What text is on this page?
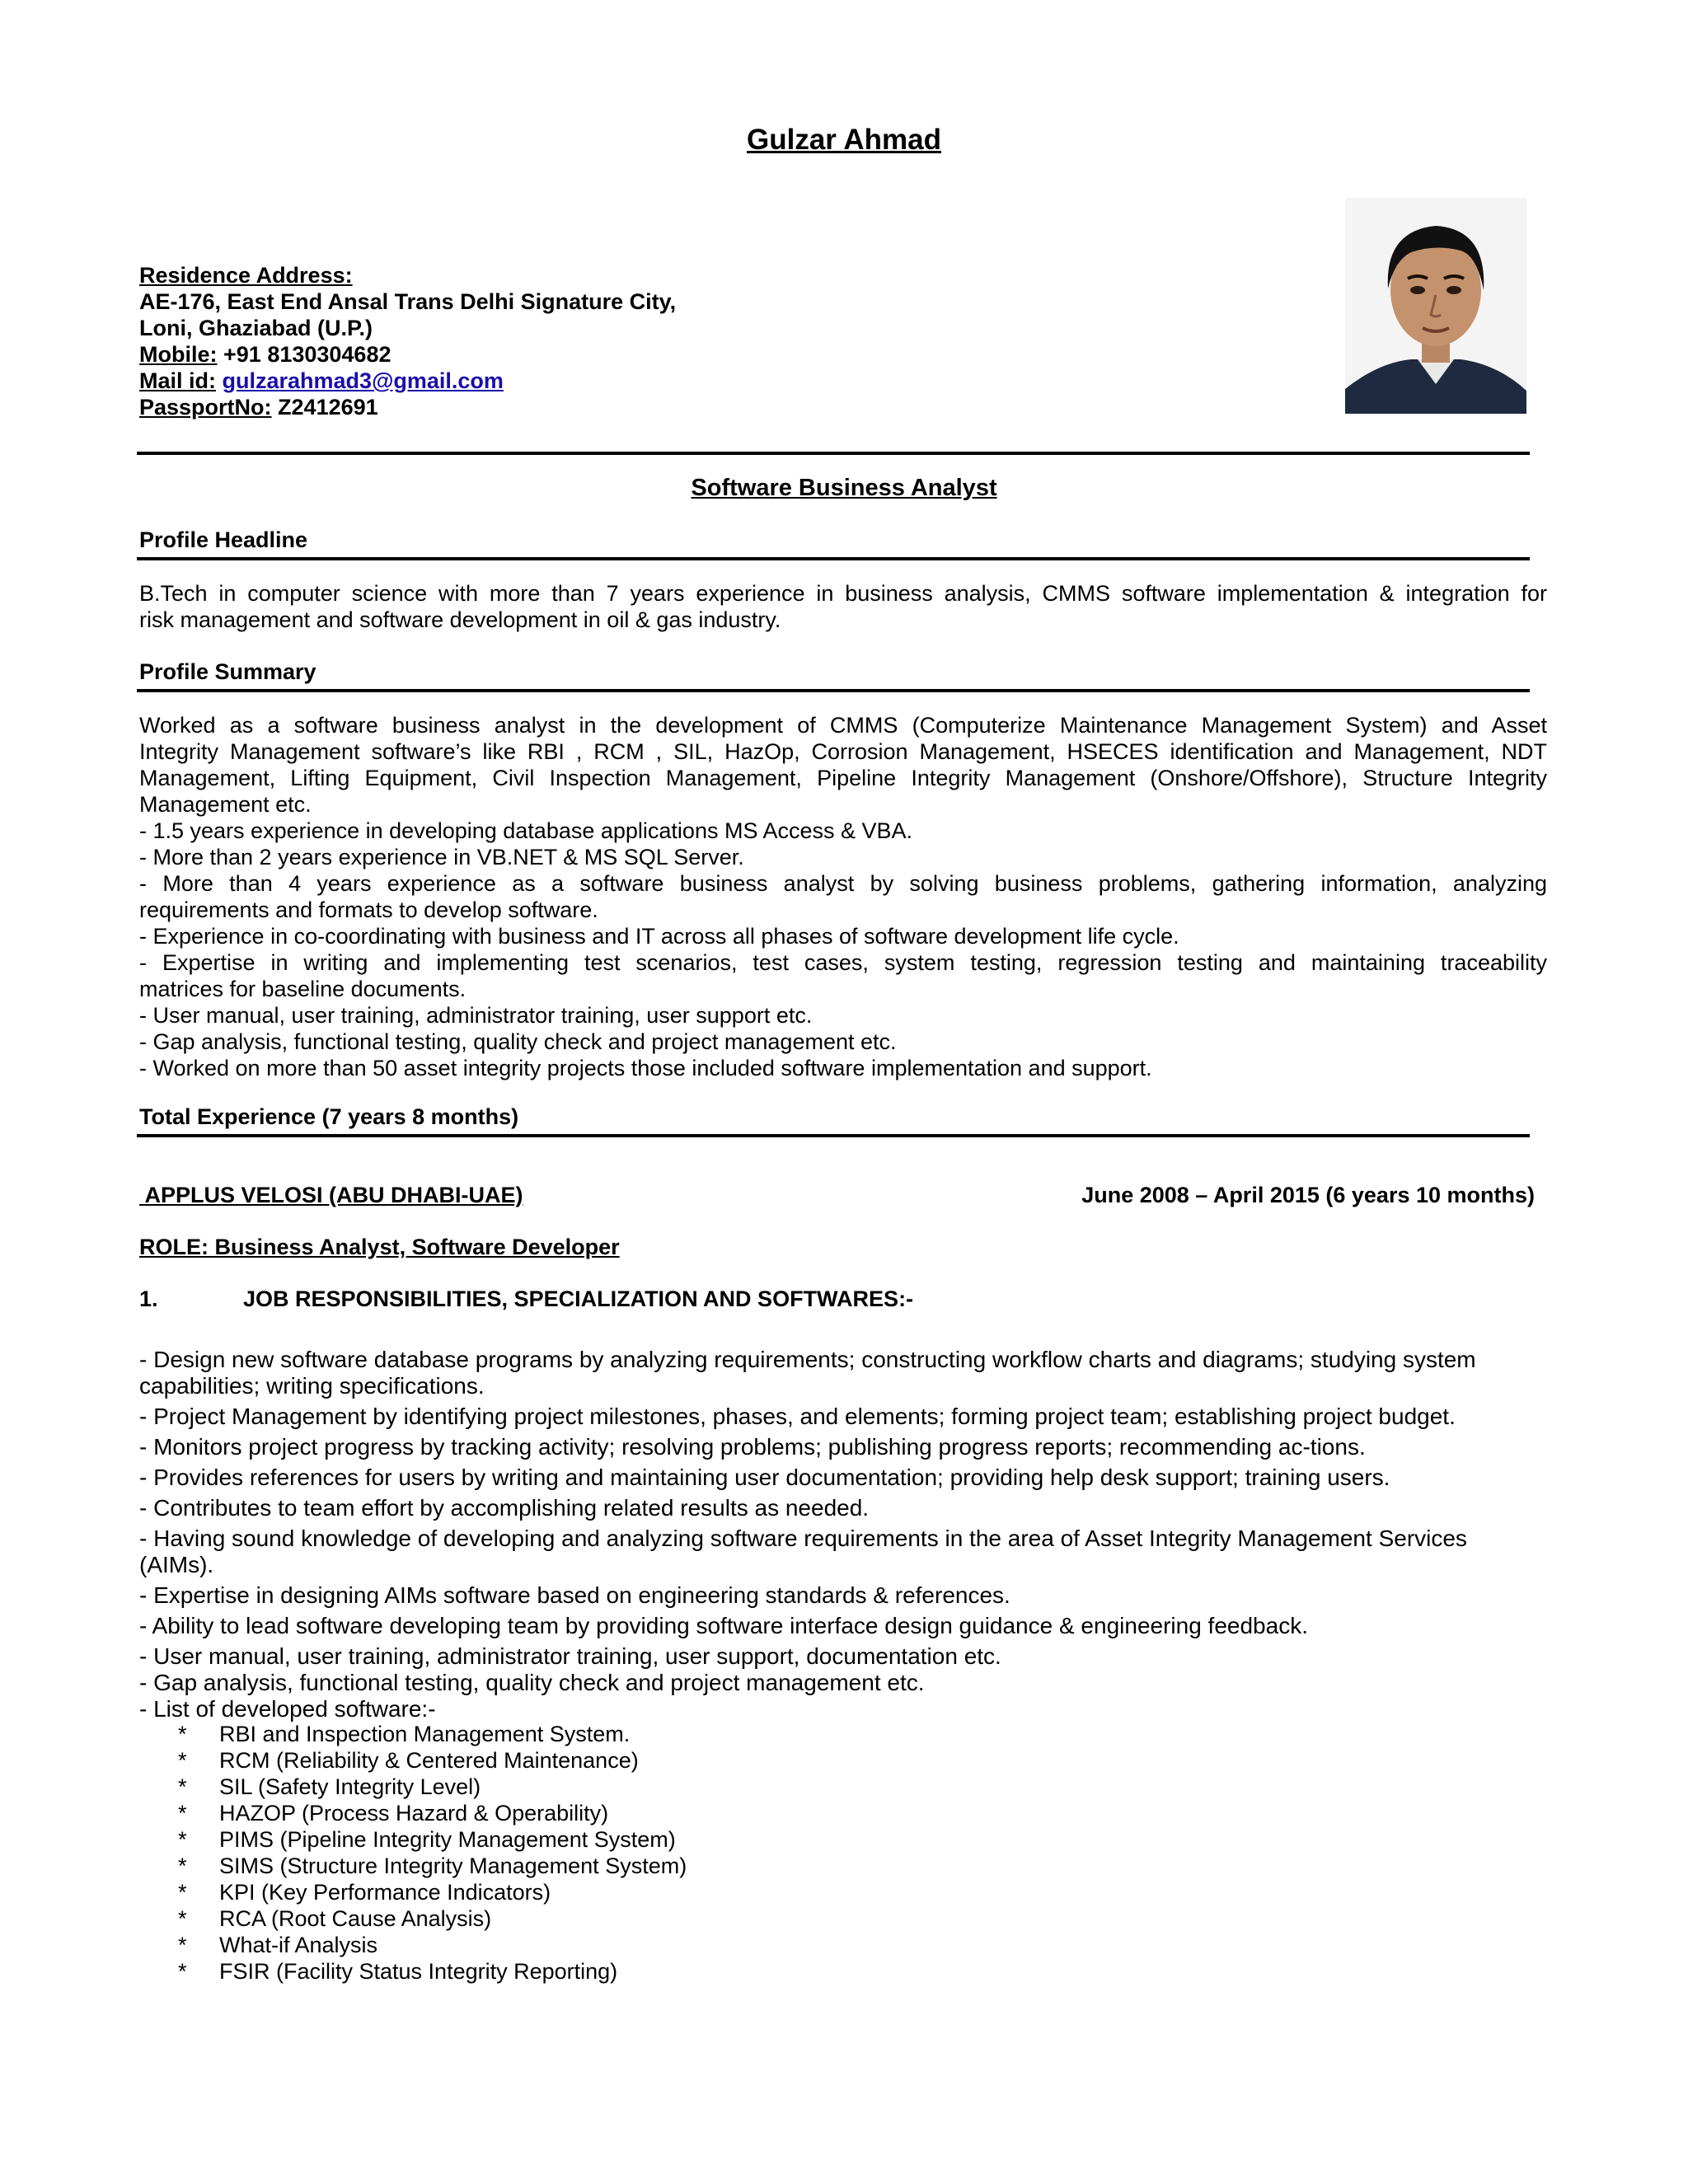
Gulzar Ahmad
Residence Address:
AE-176, East End Ansal Trans Delhi Signature City,
Loni, Ghaziabad (U.P.)
Mobile: +91 8130304682
Mail id: gulzarahmad3@gmail.com
PassportNo: Z2412691
Software Business Analyst
Profile Headline
B.Tech in computer science with more than 7 years experience in business analysis, CMMS software implementation & integration for
risk management and software development in oil & gas industry.
Profile Summary
Worked as a software business analyst in the development of CMMS (Computerize Maintenance Management System) and Asset
Integrity Management software’s like RBI , RCM , SIL, HazOp, Corrosion Management, HSECES identification and Management, NDT
Management, Lifting Equipment, Civil Inspection Management, Pipeline Integrity Management (Onshore/Offshore), Structure Integrity
Management etc.
- 1.5 years experience in developing database applications MS Access & VBA.
- More than 2 years experience in VB.NET & MS SQL Server.
- More than 4 years experience as a software business analyst by solving business problems, gathering information, analyzing
requirements and formats to develop software.
- Experience in co-coordinating with business and IT across all phases of software development life cycle.
- Expertise in writing and implementing test scenarios, test cases, system testing, regression testing and maintaining traceability
matrices for baseline documents.
- User manual, user training, administrator training, user support etc.
- Gap analysis, functional testing, quality check and project management etc.
- Worked on more than 50 asset integrity projects those included software implementation and support.
Total Experience (7 years 8 months)
APPLUS VELOSI (ABU DHABI-UAE)	June 2008 – April 2015 (6 years 10 months)
ROLE: Business Analyst, Software Developer
1.	JOB RESPONSIBILITIES, SPECIALIZATION AND SOFTWARES:-
- Design new software database programs by analyzing requirements; constructing workflow charts and diagrams; studying system capabilities; writing specifications.
- Project Management by identifying project milestones, phases, and elements; forming project team; establishing project budget.
- Monitors project progress by tracking activity; resolving problems; publishing progress reports; recommending ac-tions.
- Provides references for users by writing and maintaining user documentation; providing help desk support; training users.
- Contributes to team effort by accomplishing related results as needed.
- Having sound knowledge of developing and analyzing software requirements in the area of Asset Integrity Management Services (AIMs).
- Expertise in designing AIMs software based on engineering standards & references.
- Ability to lead software developing team by providing software interface design guidance & engineering feedback.
- User manual, user training, administrator training, user support, documentation etc.
- Gap analysis, functional testing, quality check and project management etc.
- List of developed software:-
*	RBI and Inspection Management System.
*	RCM (Reliability & Centered Maintenance)
*	SIL (Safety Integrity Level)
*	HAZOP (Process Hazard & Operability)
*	PIMS (Pipeline Integrity Management System)
*	SIMS (Structure Integrity Management System)
*	KPI (Key Performance Indicators)
*	RCA (Root Cause Analysis)
*	What-if Analysis
*	FSIR (Facility Status Integrity Reporting)
